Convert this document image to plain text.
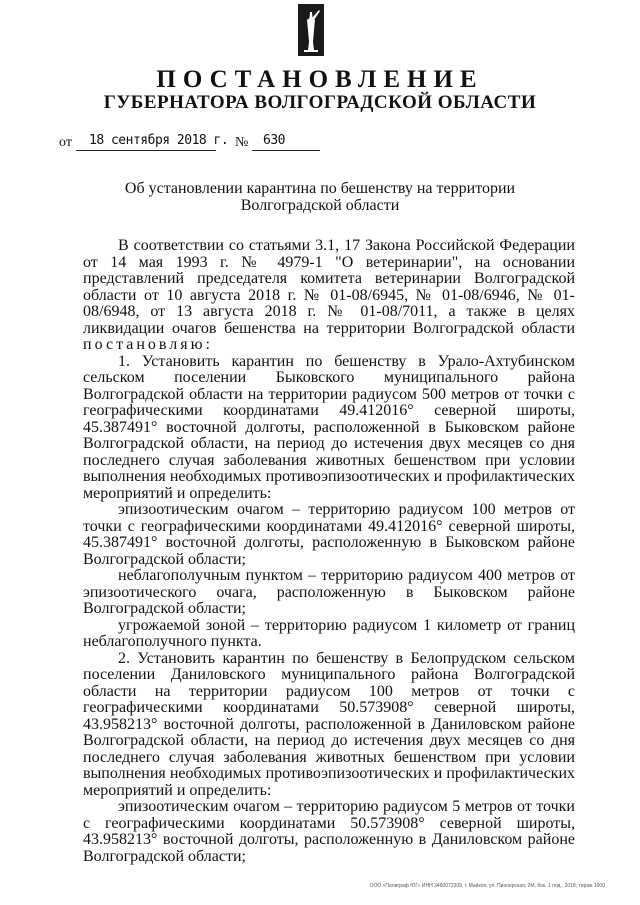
ПОСТАНОВЛЕНИЕ
ГУБЕРНАТОРА ВОЛГОГРАДСКОЙ ОБЛАСТИ
от 18 сентября 2018 г. № 630
Об установлении карантина по бешенству на территории
Волгоградской области

В соответствии со статьями 3.1, 17 Закона Российской Федерации от 14 мая 1993 г. № 4979-1 "О ветеринарии", на основании представлений председателя комитета ветеринарии Волгоградской области от 10 августа 2018 г. № 01-08/6945, № 01-08/6946, № 01-08/6948, от 13 августа 2018 г. № 01-08/7011, а также в целях ликвидации очагов бешенства на территории Волгоградской области постановляю:

1. Установить карантин по бешенству в Урало-Ахтубинском сельском поселении Быковского муниципального района Волгоградской области на территории радиусом 500 метров от точки с географическими координатами 49.412016° северной широты, 45.387491° восточной долготы, расположенной в Быковском районе Волгоградской области, на период до истечения двух месяцев со дня последнего случая заболевания животных бешенством при условии выполнения необходимых противоэпизоотических и профилактических мероприятий и определить:

эпизоотическим очагом – территорию радиусом 100 метров от точки с географическими координатами 49.412016° северной широты, 45.387491° восточной долготы, расположенную в Быковском районе Волгоградской области;

неблагополучным пунктом – территорию радиусом 400 метров от эпизоотического очага, расположенную в Быковском районе Волгоградской области;

угрожаемой зоной – территорию радиусом 1 километр от границ неблагополучного пункта.

2. Установить карантин по бешенству в Белопрудском сельском поселении Даниловского муниципального района Волгоградской области на территории радиусом 100 метров от точки с географическими координатами 50.573908° северной широты, 43.958213° восточной долготы, расположенной в Даниловском районе Волгоградской области, на период до истечения двух месяцев со дня последнего случая заболевания животных бешенством при условии выполнения необходимых противоэпизоотических и профилактических мероприятий и определить:

эпизоотическим очагом – территорию радиусом 5 метров от точки с географическими координатами 50.573908° северной широты, 43.958213° восточной долготы, расположенную в Даниловском районе Волгоградской области;

ООО «Полиграф ЮГ» ИНН 3460072309, г. Майкоп, ул. Пионерская, 2М, бок. 1 под., 2018, тираж 1000
